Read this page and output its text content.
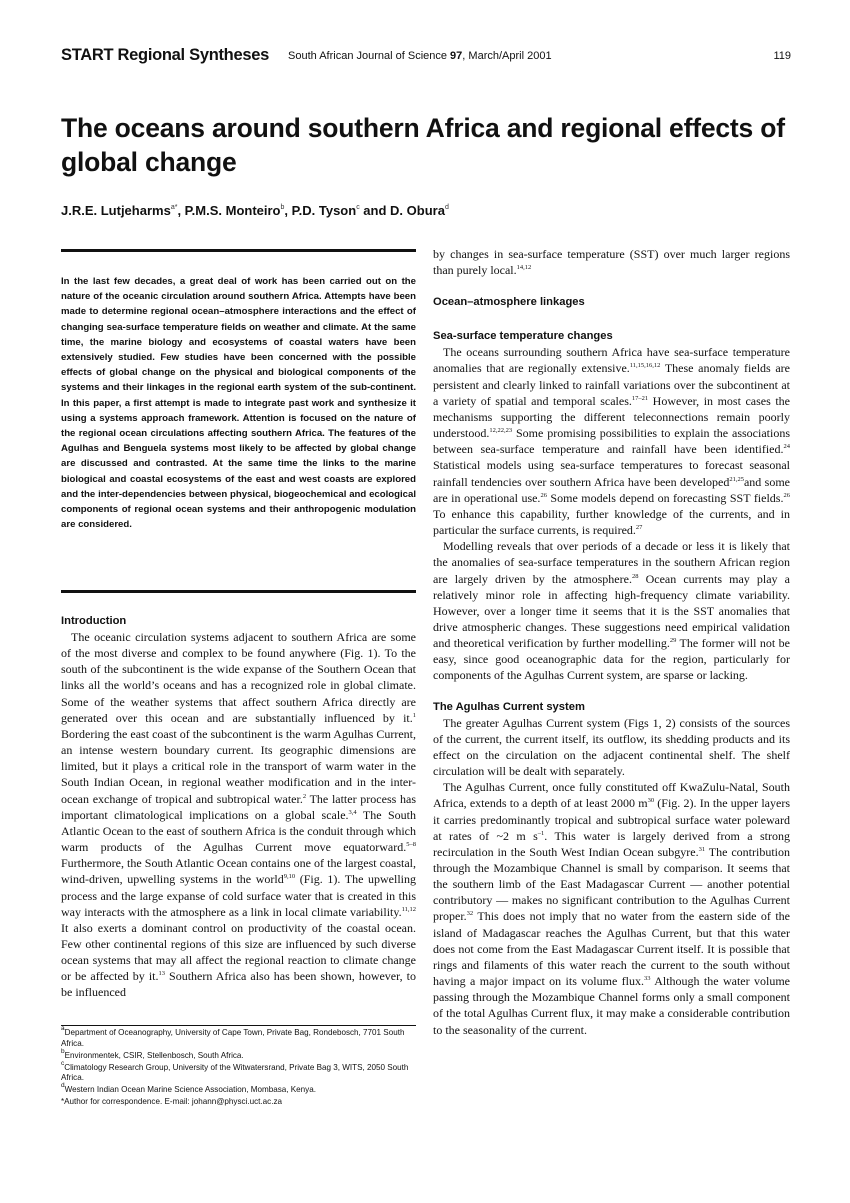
START Regional Syntheses South African Journal of Science 97, March/April 2001	119
The oceans around southern Africa and regional effects of global change
J.R.E. Lutjeharms$^{a*}$, P.M.S. Monteiro$^b$, P.D. Tyson$^c$ and D. Obura$^d$

In the last few decades, a great deal of work has been carried out on the nature of the oceanic circulation around southern Africa. Attempts have been made to determine regional ocean–atmosphere interactions and the effect of changing sea-surface temperature fields on weather and climate. At the same time, the marine biology and ecosystems of coastal waters have been extensively studied. Few studies have been concerned with the possible effects of global change on the physical and biological components of the systems and their linkages in the regional earth system of the sub-continent. In this paper, a first attempt is made to integrate past work and synthesize it using a systems approach framework. Attention is focused on the nature of the regional ocean circulations affecting southern Africa. The features of the Agulhas and Benguela systems most likely to be affected by global change are discussed and contrasted. At the same time the links to the marine biological and coastal ecosystems of the east and west coasts are explored and the inter-dependencies between physical, biogeochemical and ecological components of regional ocean systems and their anthropogenic modulation are considered.

Introduction

The oceanic circulation systems adjacent to southern Africa are some of the most diverse and complex to be found anywhere (Fig. 1). To the south of the subcontinent is the wide expanse of the Southern Ocean that links all the world’s oceans and has a recognized role in global climate. Some of the weather systems that affect southern Africa directly are generated over this ocean and are substantially influenced by it.$^1$ Bordering the east coast of the subcontinent is the warm Agulhas Current, an intense western boundary current. Its geographic dimensions are limited, but it plays a critical role in the transport of warm water in the South Indian Ocean, in regional weather modification and in the inter-ocean exchange of tropical and subtropical water.$^2$ The latter process has important climatological implications on a global scale.$^{3,4}$ The South Atlantic Ocean to the east of southern Africa is the conduit through which warm products of the Agulhas Current move equatorward.$^{5-8}$ Furthermore, the South Atlantic Ocean contains one of the largest coastal, wind-driven, upwelling systems in the world$^{9,10}$ (Fig. 1). The upwelling process and the large expanse of cold surface water that is created in this way interacts with the atmosphere as a link in local climate variability.$^{11,12}$ It also exerts a dominant control on productivity of the coastal ocean. Few other continental regions of this size are influenced by such diverse ocean systems that may all affect the regional reaction to climate change or be affected by it.$^{13}$ Southern Africa also has been shown, however, to be influenced

$^a$Department of Oceanography, University of Cape Town, Private Bag, Rondebosch, 7701 South Africa.

$^b$Environmentek, CSIR, Stellenbosch, South Africa.

$^c$Climatology Research Group, University of the Witwatersrand, Private Bag 3, WITS, 2050 South Africa.

$^d$Western Indian Ocean Marine Science Association, Mombasa, Kenya.

*Author for correspondence. E-mail: johann@physci.uct.ac.za

by changes in sea-surface temperature (SST) over much larger regions than purely local.$^{14,12}$

Ocean–atmosphere linkages
Sea-surface temperature changes

The oceans surrounding southern Africa have sea-surface temperature anomalies that are regionally extensive.$^{11,15,16,12}$ These anomaly fields are persistent and clearly linked to rainfall variations over the subcontinent at a variety of spatial and temporal scales.$^{17-21}$ However, in most cases the mechanisms supporting the different teleconnections remain poorly understood.$^{12,22,23}$ Some promising possibilities to explain the associations between sea-surface temperature and rainfall have been identified.$^{24}$ Statistical models using sea-surface temperatures to forecast seasonal rainfall tendencies over southern Africa have been developed$^{21,25}$and some are in operational use.$^{26}$ Some models depend on forecasting SST fields.$^{26}$ To enhance this capability, further knowledge of the currents, and in particular the surface currents, is required.$^{27}$

Modelling reveals that over periods of a decade or less it is likely that the anomalies of sea-surface temperatures in the southern African region are largely driven by the atmosphere.$^{28}$ Ocean currents may play a relatively minor role in affecting high-frequency climate variability. However, over a longer time it seems that it is the SST anomalies that drive atmospheric changes. These suggestions need empirical validation and theoretical verification by further modelling.$^{29}$ The former will not be easy, since good oceanographic data for the region, particularly for components of the Agulhas Current system, are sparse or lacking.

The Agulhas Current system

The greater Agulhas Current system (Figs 1, 2) consists of the sources of the current, the current itself, its outflow, its shedding products and its effect on the circulation on the adjacent continental shelf. The shelf circulation will be dealt with separately.

The Agulhas Current, once fully constituted off KwaZulu-Natal, South Africa, extends to a depth of at least 2000 $m^{30}$ (Fig. 2). In the upper layers it carries predominantly tropical and subtropical surface water poleward at rates of ~2 m $s^{-1}$. This water is largely derived from a strong recirculation in the South West Indian Ocean subgyre.$^{31}$ The contribution through the Mozambique Channel is small by comparison. It seems that the southern limb of the East Madagascar Current — another potential contributory — makes no significant contribution to the Agulhas Current proper.$^{32}$ This does not imply that no water from the eastern side of the island of Madagascar reaches the Agulhas Current, but that this water does not come from the East Madagascar Current itself. It is possible that rings and filaments of this water reach the current to the south without having a major impact on its volume flux.$^{33}$ Although the water volume passing through the Mozambique Channel forms only a small component of the total Agulhas Current flux, it may make a considerable contribution to the seasonality of the current.
